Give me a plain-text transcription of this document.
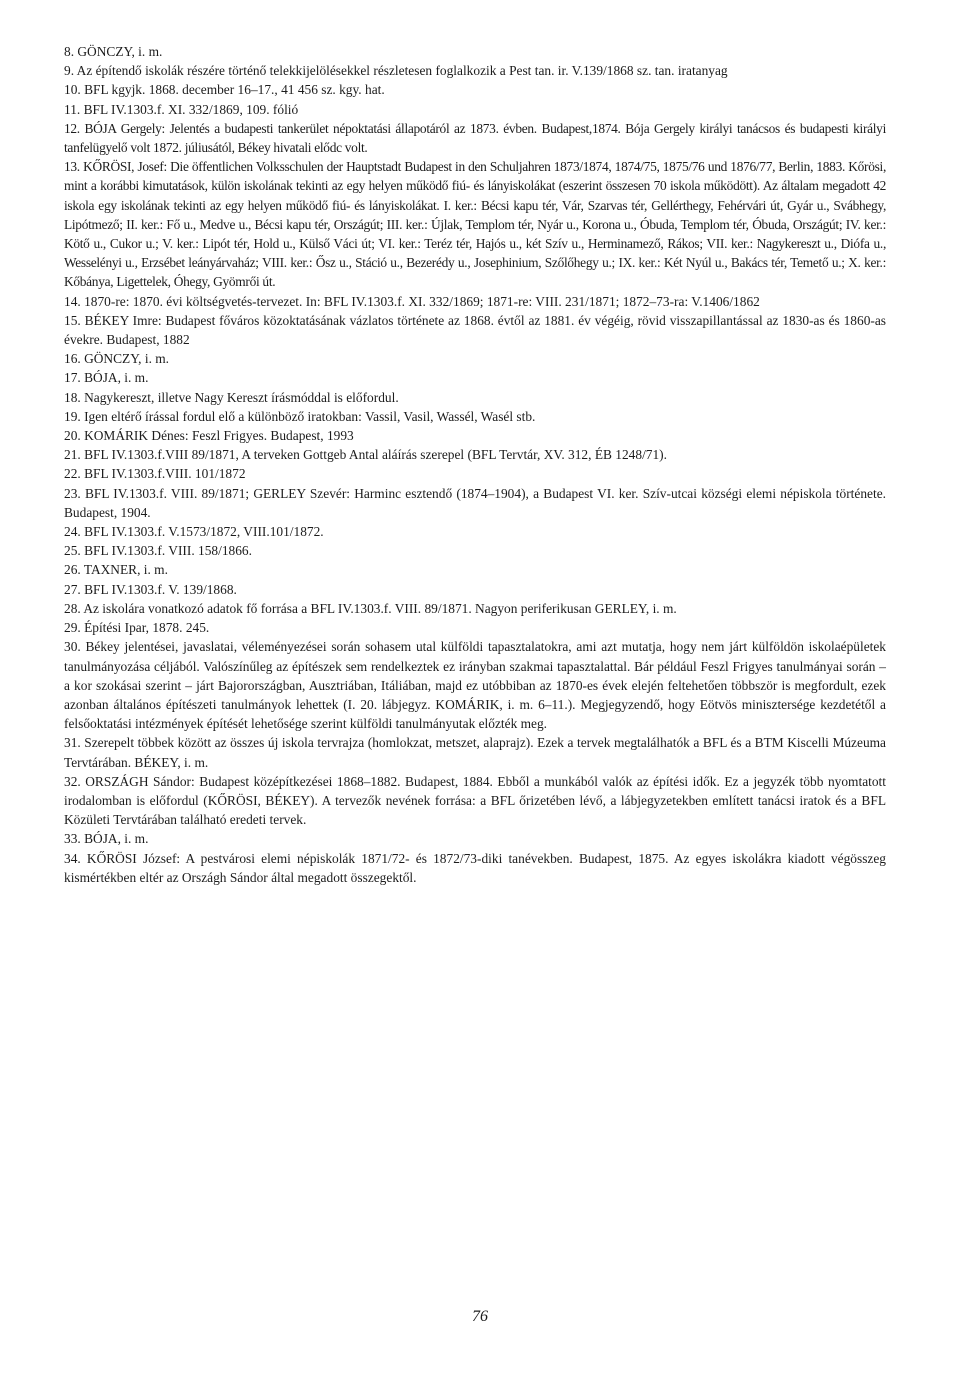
8. GÖNCZY, i. m.

9. Az építendő iskolák részére történő telekkijelölésekkel részletesen foglalkozik a Pest tan. ir. V.139/1868 sz. tan. iratanyag

10. BFL kgyjk. 1868. december 16–17., 41 456 sz. kgy. hat.

11. BFL IV.1303.f. XI. 332/1869, 109. fólió

12. BÓJA Gergely: Jelentés a budapesti tankerület népoktatási állapotáról az 1873. évben. Budapest,1874. Bója Gergely királyi tanácsos és budapesti királyi tanfelügyelő volt 1872. júliusától, Békey hivatali elődc volt.

13. KŐRÖSI, Josef: Die öffentlichen Volksschulen der Hauptstadt Budapest in den Schuljahren 1873/1874, 1874/75, 1875/76 und 1876/77, Berlin, 1883. Kőrösi, mint a korábbi kimutatások, külön iskolának tekinti az egy helyen működő fiú- és lányiskolákat (eszerint összesen 70 iskola működött). Az általam megadott 42 iskola egy iskolának tekinti az egy helyen működő fiú- és lányiskolákat. I. ker.: Bécsi kapu tér, Vár, Szarvas tér, Gellérthegy, Fehérvári út, Gyár u., Svábhegy, Lipótmező; II. ker.: Fő u., Medve u., Bécsi kapu tér, Országút; III. ker.: Újlak, Templom tér, Nyár u., Korona u., Óbuda, Templom tér, Óbuda, Országút; IV. ker.: Kötő u., Cukor u.; V. ker.: Lipót tér, Hold u., Külső Váci út; VI. ker.: Teréz tér, Hajós u., két Szív u., Herminamező, Rákos; VII. ker.: Nagykereszt u., Diófa u., Wesselényi u., Erzsébet leányárvaház; VIII. ker.: Ősz u., Stáció u., Bezerédy u., Josephinium, Szőlőhegy u.; IX. ker.: Két Nyúl u., Bakács tér, Temető u.; X. ker.: Kőbánya, Ligettelek, Óhegy, Gyömrői út.

14. 1870-re: 1870. évi költségvetés-tervezet. In: BFL IV.1303.f. XI. 332/1869; 1871-re: VIII. 231/1871; 1872–73-ra: V.1406/1862

15. BÉKEY Imre: Budapest főváros közoktatásának vázlatos története az 1868. évtől az 1881. év végéig, rövid visszapillantással az 1830-as és 1860-as évekre. Budapest, 1882

16. GÖNCZY, i. m.

17. BÓJA, i. m.

18. Nagykereszt, illetve Nagy Kereszt írásmóddal is előfordul.

19. Igen eltérő írással fordul elő a különböző iratokban: Vassil, Vasil, Wassél, Wasél stb.

20. KOMÁRIK Dénes: Feszl Frigyes. Budapest, 1993

21. BFL IV.1303.f.VIII 89/1871, A terveken Gottgeb Antal aláírás szerepel (BFL Tervtár, XV. 312, ÉB 1248/71).

22. BFL IV.1303.f.VIII. 101/1872

23. BFL IV.1303.f. VIII. 89/1871; GERLEY Szevér: Harminc esztendő (1874–1904), a Budapest VI. ker. Szív-utcai községi elemi népiskola története. Budapest, 1904.

24. BFL IV.1303.f. V.1573/1872, VIII.101/1872.

25. BFL IV.1303.f. VIII. 158/1866.

26. TAXNER, i. m.

27. BFL IV.1303.f. V. 139/1868.

28. Az iskolára vonatkozó adatok fő forrása a BFL IV.1303.f. VIII. 89/1871. Nagyon periferikusan GERLEY, i. m.

29. Építési Ipar, 1878. 245.

30. Békey jelentései, javaslatai, véleményezései során sohasem utal külföldi tapasztalatokra, ami azt mutatja, hogy nem járt külföldön iskolaépületek tanulmányozása céljából. Valószínűleg az építészek sem rendelkeztek ez irányban szakmai tapasztalattal. Bár például Feszl Frigyes tanulmányai során – a kor szokásai szerint – járt Bajorországban, Ausztriában, Itáliában, majd ez utóbbiban az 1870-es évek elején feltehetően többször is megfordult, ezek azonban általános építészeti tanulmányok lehettek (I. 20. lábjegyz. KOMÁRIK, i. m. 6–11.). Megjegyzendő, hogy Eötvös minisztersége kezdetétől a felsőoktatási intézmények építését lehetősége szerint külföldi tanulmányutak előzték meg.

31. Szerepelt többek között az összes új iskola tervrajza (homlokzat, metszet, alaprajz). Ezek a tervek megtalálhatók a BFL és a BTM Kiscelli Múzeuma Tervtárában. BÉKEY, i. m.

32. ORSZÁGH Sándor: Budapest középítkezései 1868–1882. Budapest, 1884. Ebből a munkából valók az építési idők. Ez a jegyzék több nyomtatott irodalomban is előfordul (KŐRÖSI, BÉKEY). A tervezők nevének forrása: a BFL őrizetében lévő, a lábjegyzetekben említett tanácsi iratok és a BFL Közületi Tervtárában található eredeti tervek.

33. BÓJA, i. m.

34. KŐRÖSI József: A pestvárosi elemi népiskolák 1871/72- és 1872/73-diki tanévekben. Budapest, 1875. Az egyes iskolákra kiadott végösszeg kismértékben eltér az Országh Sándor által megadott összegektől.

76
